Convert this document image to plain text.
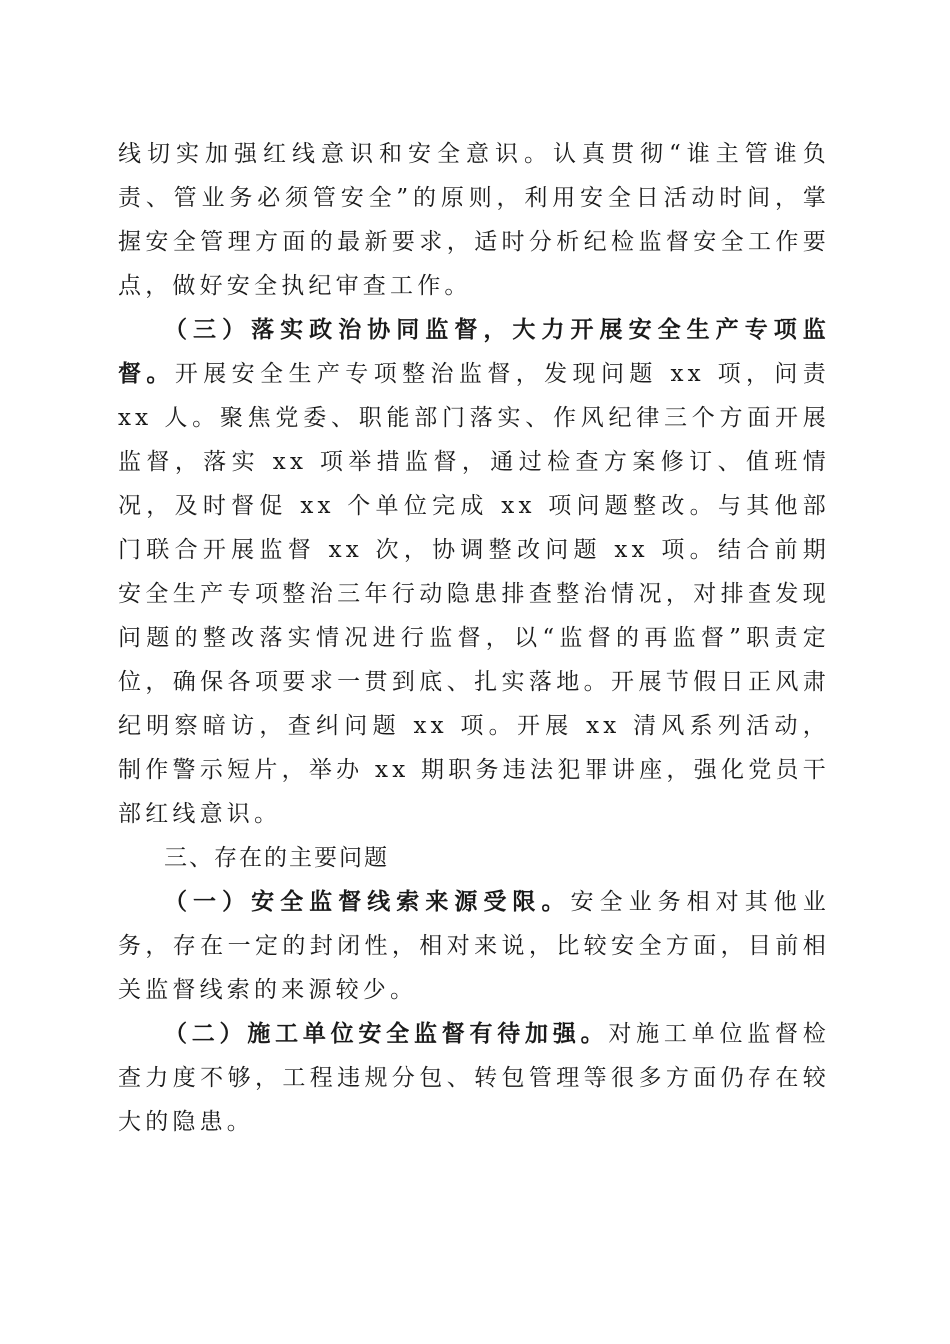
线切实加强红线意识和安全意识。认真贯彻“谁主管谁负责、管业务必须管安全”的原则，利用安全日活动时间，掌握安全管理方面的最新要求，适时分析纪检监督安全工作要点，做好安全执纪审查工作。

（三）落实政治协同监督，大力开展安全生产专项监督。开展安全生产专项整治监督，发现问题 xx 项，问责 xx 人。聚焦党委、职能部门落实、作风纪律三个方面开展监督，落实 xx 项举措监督，通过检查方案修订、值班情况，及时督促 xx 个单位完成 xx 项问题整改。与其他部门联合开展监督 xx 次，协调整改问题 xx 项。结合前期安全生产专项整治三年行动隐患排查整治情况，对排查发现问题的整改落实情况进行监督，以“监督的再监督”职责定位，确保各项要求一贯到底、扎实落地。开展节假日正风肃纪明察暗访，查纠问题 xx 项。开展 xx 清风系列活动，制作警示短片，举办 xx 期职务违法犯罪讲座，强化党员干部红线意识。

三、存在的主要问题

（一）安全监督线索来源受限。安全业务相对其他业务，存在一定的封闭性，相对来说，比较安全方面，目前相关监督线索的来源较少。

（二）施工单位安全监督有待加强。对施工单位监督检查力度不够，工程违规分包、转包管理等很多方面仍存在较大的隐患。
